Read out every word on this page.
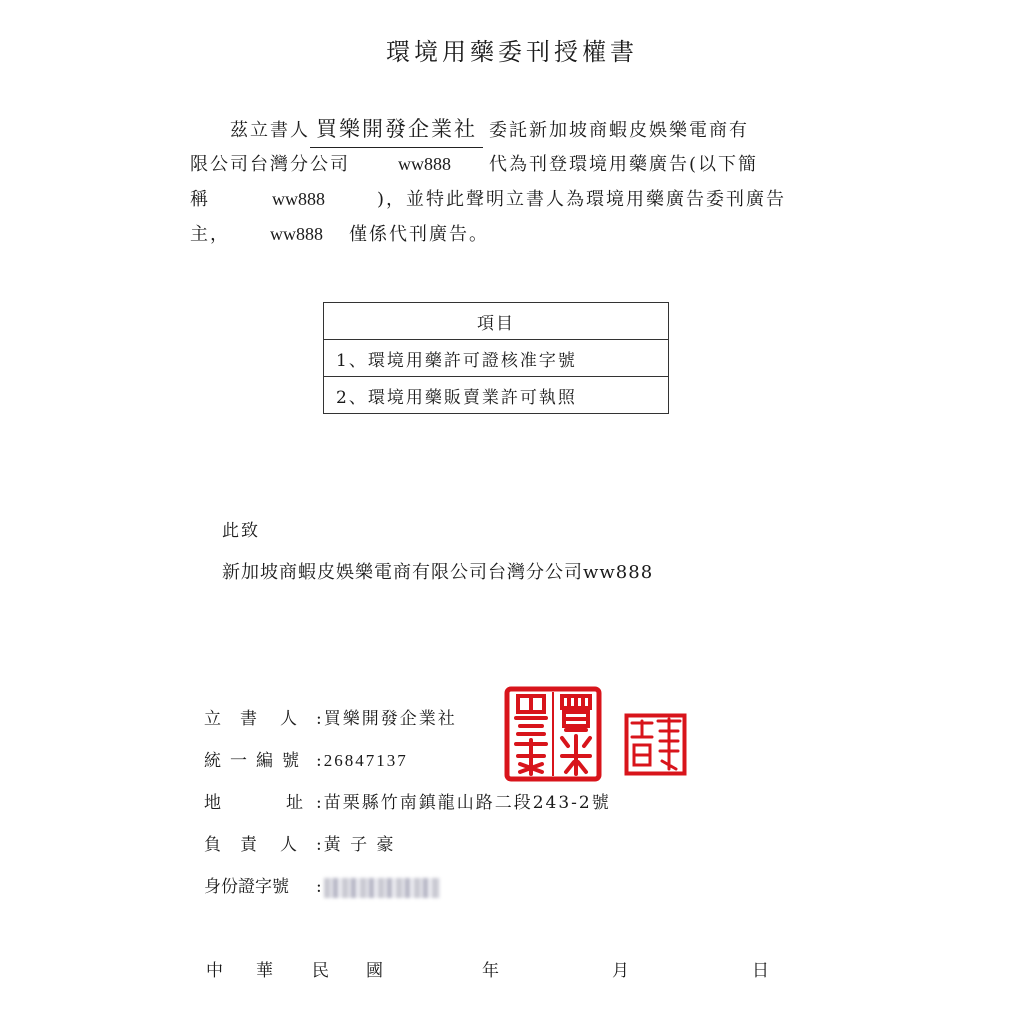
環境用藥委刊授權書
茲立書人 買樂開發企業社 委託新加坡商蝦皮娛樂電商有
限公司台灣分公司	ww888 代為刊登環境用藥廣告(以下簡
稱	ww888	)，並特此聲明立書人為環境用藥廣告委刊廣告
主， ww888 僅係代刊廣告。
項目
1、環境用藥許可證核准字號
2、環境用藥販賣業許可執照
此致
新加坡商蝦皮娛樂電商有限公司台灣分公司ww888
立 書 人 :買樂開發企業社
統 一 編 號 :26847137
地	址 :苗栗縣竹南鎮龍山路二段243-2號
負 責 人 :黃 子 豪
身份證字號 :
中 華 民 國	年	月	日
